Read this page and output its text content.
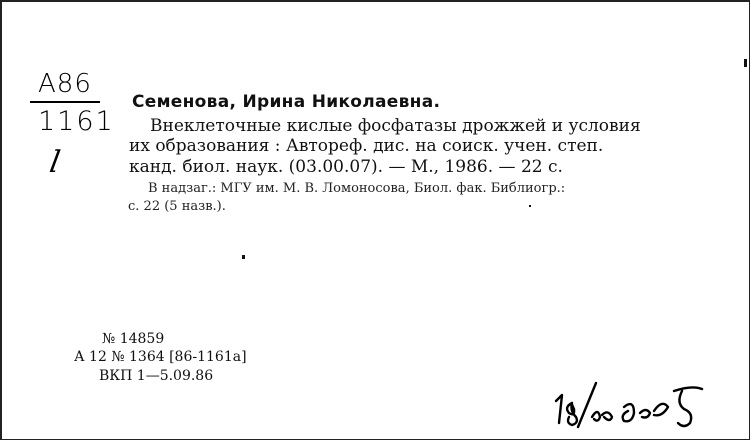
A86
1161
l
Семенова, Ирина Николаевна.
Внеклеточные кислые фосфатазы дрожжей и условия
их образования : Автореф. дис. на соиск. учен. степ.
канд. биол. наук. (03.00.07). — М., 1986. — 22 с.
В надзаг.: МГУ им. М. В. Ломоносова, Биол. фак. Библиогр.:
с. 22 (5 назв.).
№ 14859
А 12 № 1364 [86-1161а]
ВКП 1—5.09.86
